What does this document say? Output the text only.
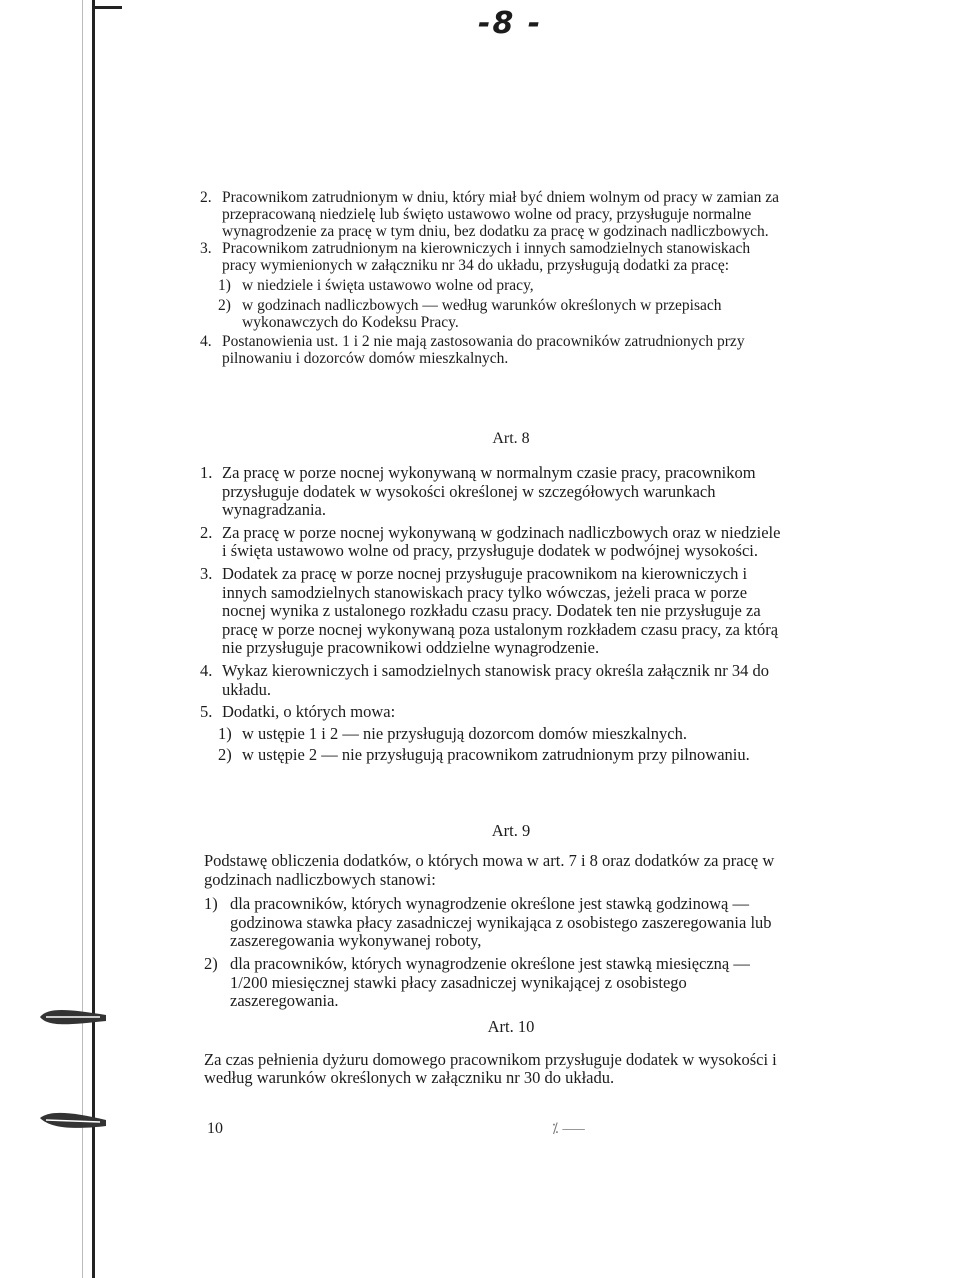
-8 -

2. Pracownikom zatrudnionym w dniu, który miał być dniem wolnym od pracy w zamian za przepracowaną niedzielę lub święto ustawowo wolne od pracy, przysługuje normalne wynagrodzenie za pracę w tym dniu, bez dodatku za pracę w godzinach nadliczbowych.

3. Pracownikom zatrudnionym na kierowniczych i innych samodzielnych stanowiskach pracy wymienionych w załączniku nr 34 do układu, przysługują dodatki za pracę:

1) w niedziele i święta ustawowo wolne od pracy,

2) w godzinach nadliczbowych — według warunków określonych w przepisach wykonawczych do Kodeksu Pracy.

4. Postanowienia ust. 1 i 2 nie mają zastosowania do pracowników zatrudnionych przy pilnowaniu i dozorców domów mieszkalnych.

Art. 8

1. Za pracę w porze nocnej wykonywaną w normalnym czasie pracy, pracownikom przysługuje dodatek w wysokości określonej w szczegółowych warunkach wynagradzania.

2. Za pracę w porze nocnej wykonywaną w godzinach nadliczbowych oraz w niedziele i święta ustawowo wolne od pracy, przysługuje dodatek w podwójnej wysokości.

3. Dodatek za pracę w porze nocnej przysługuje pracownikom na kierowniczych i innych samodzielnych stanowiskach pracy tylko wówczas, jeżeli praca w porze nocnej wynika z ustalonego rozkładu czasu pracy. Dodatek ten nie przysługuje za pracę w porze nocnej wykonywaną poza ustalonym rozkładem czasu pracy, za którą nie przysługuje pracownikowi oddzielne wynagrodzenie.

4. Wykaz kierowniczych i samodzielnych stanowisk pracy określa załącznik nr 34 do układu.

5. Dodatki, o których mowa:

1) w ustępie 1 i 2 — nie przysługują dozorcom domów mieszkalnych.

2) w ustępie 2 — nie przysługują pracownikom zatrudnionym przy pilnowaniu.

Art. 9

Podstawę obliczenia dodatków, o których mowa w art. 7 i 8 oraz dodatków za pracę w godzinach nadliczbowych stanowi:

1) dla pracowników, których wynagrodzenie określone jest stawką godzinową — godzinowa stawka płacy zasadniczej wynikająca z osobistego zaszeregowania lub zaszeregowania wykonywanej roboty,

2) dla pracowników, których wynagrodzenie określone jest stawką miesięczną — 1/200 miesięcznej stawki płacy zasadniczej wynikającej z osobistego zaszeregowania.

Art. 10

Za czas pełnienia dyżuru domowego pracownikom przysługuje dodatek w wysokości i według warunków określonych w załączniku nr 30 do układu.

10	⁒ ⸺
